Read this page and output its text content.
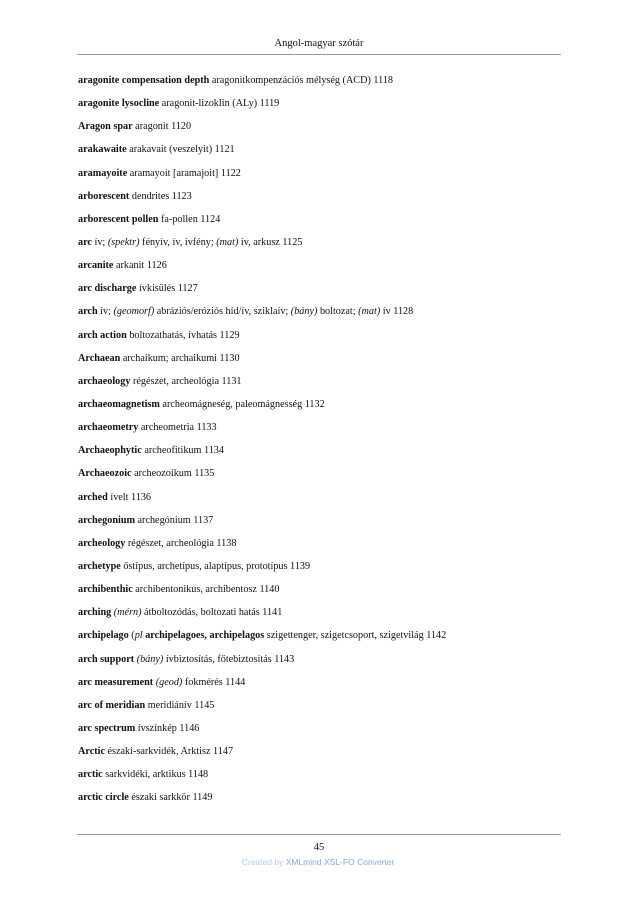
Angol-magyar szótár
aragonite compensation depth aragonitkompenzációs mélység (ACD) 1118
aragonite lysocline aragonit-lizoklin (ALy) 1119
Aragon spar aragonit 1120
arakawaite arakavait (veszelyit) 1121
aramayoite aramayoit [aramajoit] 1122
arborescent dendrites 1123
arborescent pollen fa-pollen 1124
arc ív; (spektr) fényív, ív, ívfény; (mat) ív, arkusz 1125
arcanite arkanit 1126
arc discharge ívkisülés 1127
arch ív; (geomorf) abráziós/eróziós híd/ív, sziklaív; (bány) boltozat; (mat) ív 1128
arch action boltozathatás, ívhatás 1129
Archaean archaikum; archaikumi 1130
archaeology régészet, archeológia 1131
archaeomagnetism archeomágneség, paleomágnesség 1132
archaeometry archeometria 1133
Archaeophytic archeofitikum 1134
Archaeozoic archeozoikum 1135
arched ívelt 1136
archegonium archegónium 1137
archeology régészet, archeológia 1138
archetype őstípus, archetípus, alaptípus, prototípus 1139
archibenthic archibentonikus, archibentosz 1140
arching (mérn) átboltozódás, boltozati hatás 1141
archipelago (pl archipelagoes, archipelagos szigettenger, szigetcsoport, szigetvilág 1142
arch support (bány) ívbiztosítás, főtebiztosítás 1143
arc measurement (geod) fokmérés 1144
arc of meridian meridiánív 1145
arc spectrum ívszínkép 1146
Arctic északi-sarkvidék, Arktisz 1147
arctic sarkvidéki, arktikus 1148
arctic circle északi sarkkör 1149
45
Created by XMLmind XSL-FO Converter.
